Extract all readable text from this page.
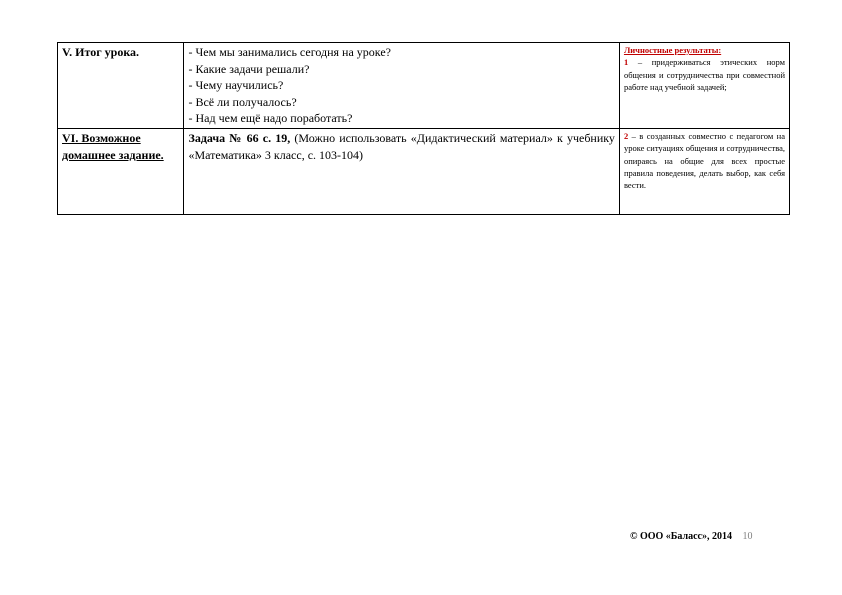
V. Итог урока.	- Чем мы занимались сегодня на уроке?
- Какие задачи решали?
- Чему научились?
- Всё ли получалось?
- Над чем ещё надо поработать?	Личностные результаты:
1 – придерживаться этических норм общения и сотрудничества при совместной работе над учебной задачей;
VI. Возможное домашнее задание.	Задача № 66 с. 19, (Можно использовать «Дидактический материал» к учебнику «Математика» 3 класс, с. 103-104)	2 – в созданных совместно с педагогом на уроке ситуациях общения и сотрудничества, опираясь на общие для всех простые правила поведения, делать выбор, как себя вести.
© ООО «Баласс», 2014 10
